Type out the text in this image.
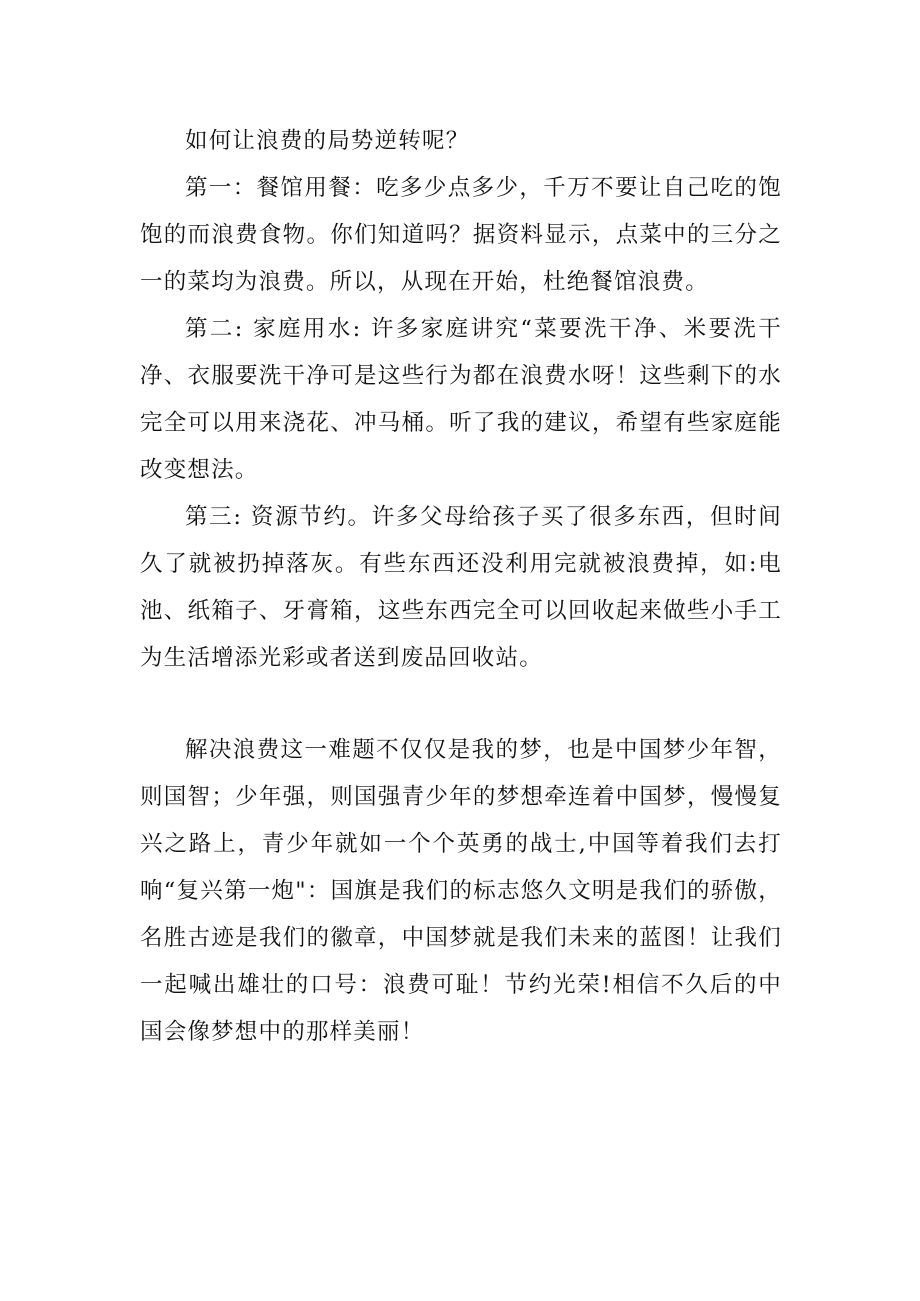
如何让浪费的局势逆转呢？

第一：餐馆用餐：吃多少点多少，千万不要让自己吃的饱饱的而浪费食物。你们知道吗？据资料显示，点菜中的三分之一的菜均为浪费。所以，从现在开始，杜绝餐馆浪费。

第二: 家庭用水: 许多家庭讲究“菜要洗干净、米要洗干净、衣服要洗干净可是这些行为都在浪费水呀！这些剩下的水完全可以用来浇花、冲马桶。听了我的建议，希望有些家庭能改变想法。

第三: 资源节约。许多父母给孩子买了很多东西，但时间久了就被扔掉落灰。有些东西还没利用完就被浪费掉，如:电池、纸箱子、牙膏箱，这些东西完全可以回收起来做些小手工为生活增添光彩或者送到废品回收站。

解决浪费这一难题不仅仅是我的梦，也是中国梦少年智，则国智；少年强，则国强青少年的梦想牵连着中国梦，慢慢复兴之路上，青少年就如一个个英勇的战士,中国等着我们去打响“复兴第一炮"：国旗是我们的标志悠久文明是我们的骄傲，名胜古迹是我们的徽章，中国梦就是我们未来的蓝图！让我们一起喊出雄壮的口号：浪费可耻！节约光荣!相信不久后的中国会像梦想中的那样美丽！
